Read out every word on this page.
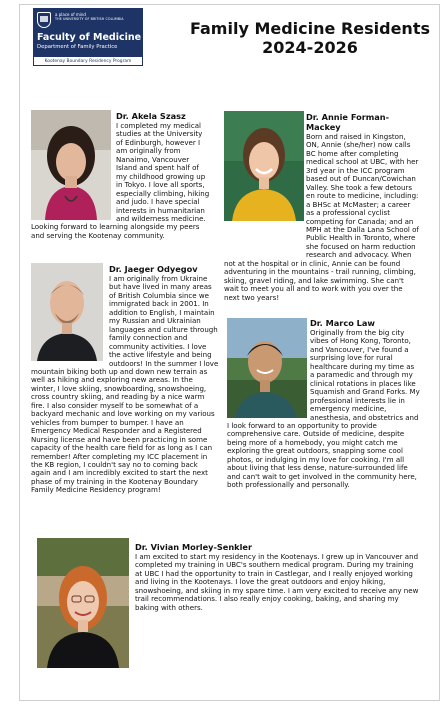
a place of mind
THE UNIVERSITY OF BRITISH COLUMBIA
Faculty of Medicine
Department of Family Practice
Kootenay Boundary Residency Program
Family Medicine Residents
2024-2026
Dr. Akela Szasz

I completed my medical studies at the University of Edinburgh, however I am originally from Nanaimo, Vancouver Island and spent half of my childhood growing up in Tokyo. I love all sports, especially climbing, hiking and judo. I have special interests in humanitarian and wilderness medicine. Looking forward to learning alongside my peers and serving the Kootenay community.

Dr. Annie Forman-Mackey

Born and raised in Kingston, ON, Annie (she/her) now calls BC home after completing medical school at UBC, with her 3rd year in the ICC program based out of Duncan/Cowichan Valley. She took a few detours en route to medicine, including: a BHSc at McMaster; a career as a professional cyclist competing for Canada; and an MPH at the Dalla Lana School of Public Health in Toronto, where she focused on harm reduction research and advocacy. When not at the hospital or in clinic, Annie can be found adventuring in the mountains - trail running, climbing, skiing, gravel riding, and lake swimming. She can't wait to meet you all and to work with you over the next two years!

Dr. Jaeger Odyegov

I am originally from Ukraine but have lived in many areas of British Columbia since we immigrated back in 2001. In addition to English, I maintain my Russian and Ukrainian languages and culture through family connection and community activities. I love the active lifestyle and being outdoors! In the summer I love mountain biking both up and down new terrain as well as hiking and exploring new areas. In the winter, I love skiing, snowboarding, snowshoeing, cross country skiing, and reading by a nice warm fire. I also consider myself to be somewhat of a backyard mechanic and love working on my various vehicles from bumper to bumper. I have an Emergency Medical Responder and a Registered Nursing license and have been practicing in some capacity of the health care field for as long as I can remember! After completing my ICC placement in the KB region, I couldn't say no to coming back again and I am incredibly excited to start the next phase of my training in the Kootenay Boundary Family Medicine Residency program!

Dr. Marco Law

Originally from the big city vibes of Hong Kong, Toronto, and Vancouver, I've found a surprising love for rural healthcare during my time as a paramedic and through my clinical rotations in places like Squamish and Grand Forks. My professional interests lie in emergency medicine, anesthesia, and obstetrics and I look forward to an opportunity to provide comprehensive care. Outside of medicine, despite being more of a homebody, you might catch me exploring the great outdoors, snapping some cool photos, or indulging in my love for cooking. I'm all about living that less dense, nature-surrounded life and can't wait to get involved in the community here, both professionally and personally.

Dr. Vivian Morley-Senkler

I am excited to start my residency in the Kootenays. I grew up in Vancouver and completed my training in UBC's southern medical program. During my training at UBC I had the opportunity to train in Castlegar, and I really enjoyed working and living in the Kootenays. I love the great outdoors and enjoy hiking, snowshoeing, and skiing in my spare time. I am very excited to receive any new trail recommendations. I also really enjoy cooking, baking, and sharing my baking with others.
